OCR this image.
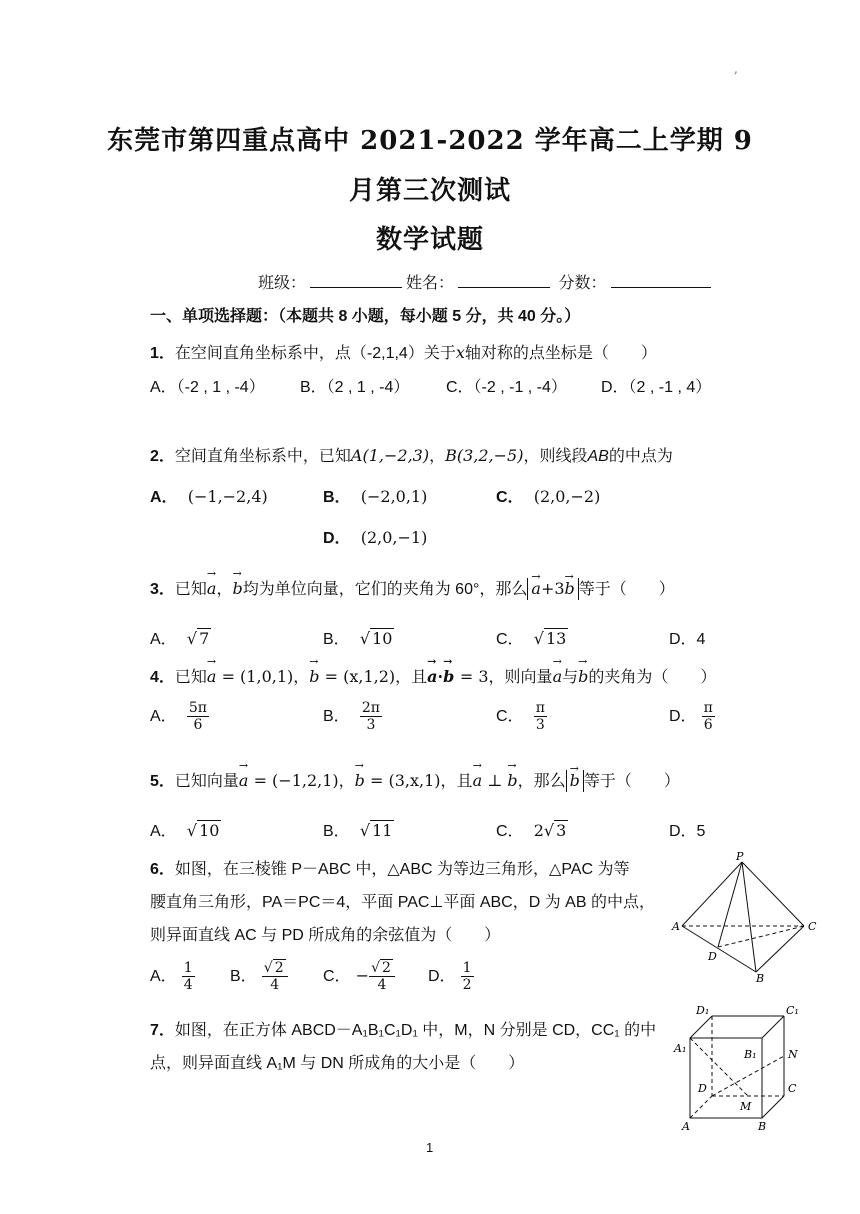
,
东莞市第四重点高中 2021-2022 学年高二上学期 9
月第三次测试
数学试题
班级：	姓名：	分数：
一、单项选择题：（本题共 8 小题，每小题 5 分，共 40 分。）
1．在空间直角坐标系中，点（-2,1,4）关于x轴对称的点坐标是（　　）
A．（-2 , 1 , -4） B．（2 , 1 , -4） C．（-2 , -1 , -4） D．（2 , -1 , 4）
2．空间直角坐标系中，已知A(1,−2,3)，B(3,2,−5)，则线段AB的中点为
A． (−1,−2,4)	B． (−2,0,1)	C． (2,0,−2)
D． (2,0,−1)
3．已知→ a，→ b均为单位向量，它们的夹角为 60°，那么 → a+3→ b 等于（　　）
A．  √ 7	B．  √ 10	C．  √ 13	D．4
4．已知→ a = (1,0,1)，→ b = (x,1,2)，且→ a·→ b = 3，则向量→ a与→ b的夹角为（　　）
A． $\frac{5\pi}{6}$	B． $\frac{2\pi}{3}$	C． $\frac{\pi}{3}$	D． $\frac{\pi}{6}$
5．已知向量→ a = (−1,2,1)，→ b = (3,x,1)，且→ a ⊥ → b，那么 → b 等于（　　）
A．  √ 10	B．  √ 11	C． 2√ 3	D．5
6．如图，在三棱锥 P－ABC 中，△ABC 为等边三角形，△PAC 为等
腰直角三角形，PA＝PC＝4，平面 PAC⊥平面 ABC，D 为 AB 的中点，
则异面直线 AC 与 PD 所成角的余弦值为（　　）
A． $\frac{1}{4}$ B． $\frac{√ 2}{4}$ C． − $\frac{√ 2}{4}$ D． $\frac{1}{2}$
P
A	C
D
B
7．如图，在正方体 ABCD－A₁B₁C₁D₁ 中，M，N 分别是 CD，CC₁ 的中
点，则异面直线 A₁M 与 DN 所成角的大小是（　　）
D₁	C₁
A₁	B₁	N
D	C
M
A	B
1
